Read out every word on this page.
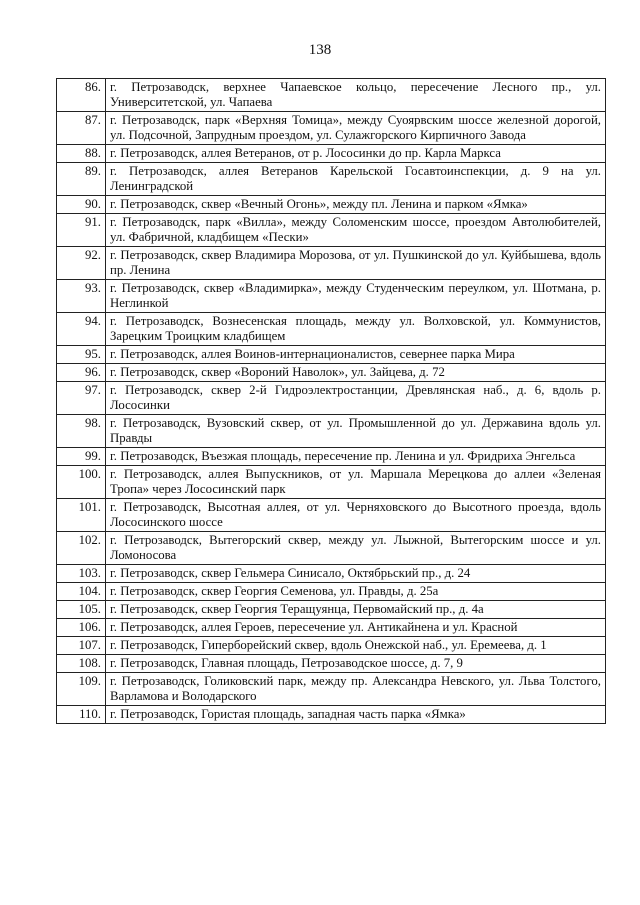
138
86.	г. Петрозаводск, верхнее Чапаевское кольцо, пересечение Лесного пр., ул. Университетской, ул. Чапаева
87.	г. Петрозаводск, парк «Верхняя Томица», между Суоярвским шоссе железной дорогой, ул. Подсочной, Запрудным проездом, ул. Сулажгорского Кирпичного Завода
88.	г. Петрозаводск, аллея Ветеранов, от р. Лососинки до пр. Карла Маркса
89.	г. Петрозаводск, аллея Ветеранов Карельской Госавтоинспекции, д. 9 на ул. Ленинградской
90.	г. Петрозаводск, сквер «Вечный Огонь», между пл. Ленина и парком «Ямка»
91.	г. Петрозаводск, парк «Вилла», между Соломенским шоссе, проездом Автолюбителей, ул. Фабричной, кладбищем «Пески»
92.	г. Петрозаводск, сквер Владимира Морозова, от ул. Пушкинской до ул. Куйбышева, вдоль пр. Ленина
93.	г. Петрозаводск, сквер «Владимирка», между Студенческим переулком, ул. Шотмана, р. Неглинкой
94.	г. Петрозаводск, Вознесенская площадь, между ул. Волховской, ул. Коммунистов, Зарецким Троицким кладбищем
95.	г. Петрозаводск, аллея Воинов-интернационалистов, севернее парка Мира
96.	г. Петрозаводск, сквер «Вороний Наволок», ул. Зайцева, д. 72
97.	г. Петрозаводск, сквер 2-й Гидроэлектростанции, Древлянская наб., д. 6, вдоль р. Лососинки
98.	г. Петрозаводск, Вузовский сквер, от ул. Промышленной до ул. Державина вдоль ул. Правды
99.	г. Петрозаводск, Въезжая площадь, пересечение пр. Ленина и ул. Фридриха Энгельса
100.	г. Петрозаводск, аллея Выпускников, от ул. Маршала Мерецкова до аллеи «Зеленая Тропа» через Лососинский парк
101.	г. Петрозаводск, Высотная аллея, от ул. Черняховского до Высотного проезда, вдоль Лососинского шоссе
102.	г. Петрозаводск, Вытегорский сквер, между ул. Лыжной, Вытегорским шоссе и ул. Ломоносова
103.	г. Петрозаводск, сквер Гельмера Синисало, Октябрьский пр., д. 24
104.	г. Петрозаводск, сквер Георгия Семенова, ул. Правды, д. 25а
105.	г. Петрозаводск, сквер Георгия Теращуянца, Первомайский пр., д. 4а
106.	г. Петрозаводск, аллея Героев, пересечение ул. Антикайнена и ул. Красной
107.	г. Петрозаводск, Гиперборейский сквер, вдоль Онежской наб., ул. Еремеева, д. 1
108.	г. Петрозаводск, Главная площадь, Петрозаводское шоссе, д. 7, 9
109.	г. Петрозаводск, Голиковский парк, между пр. Александра Невского, ул. Льва Толстого, Варламова и Володарского
110.	г. Петрозаводск, Гористая площадь, западная часть парка «Ямка»
